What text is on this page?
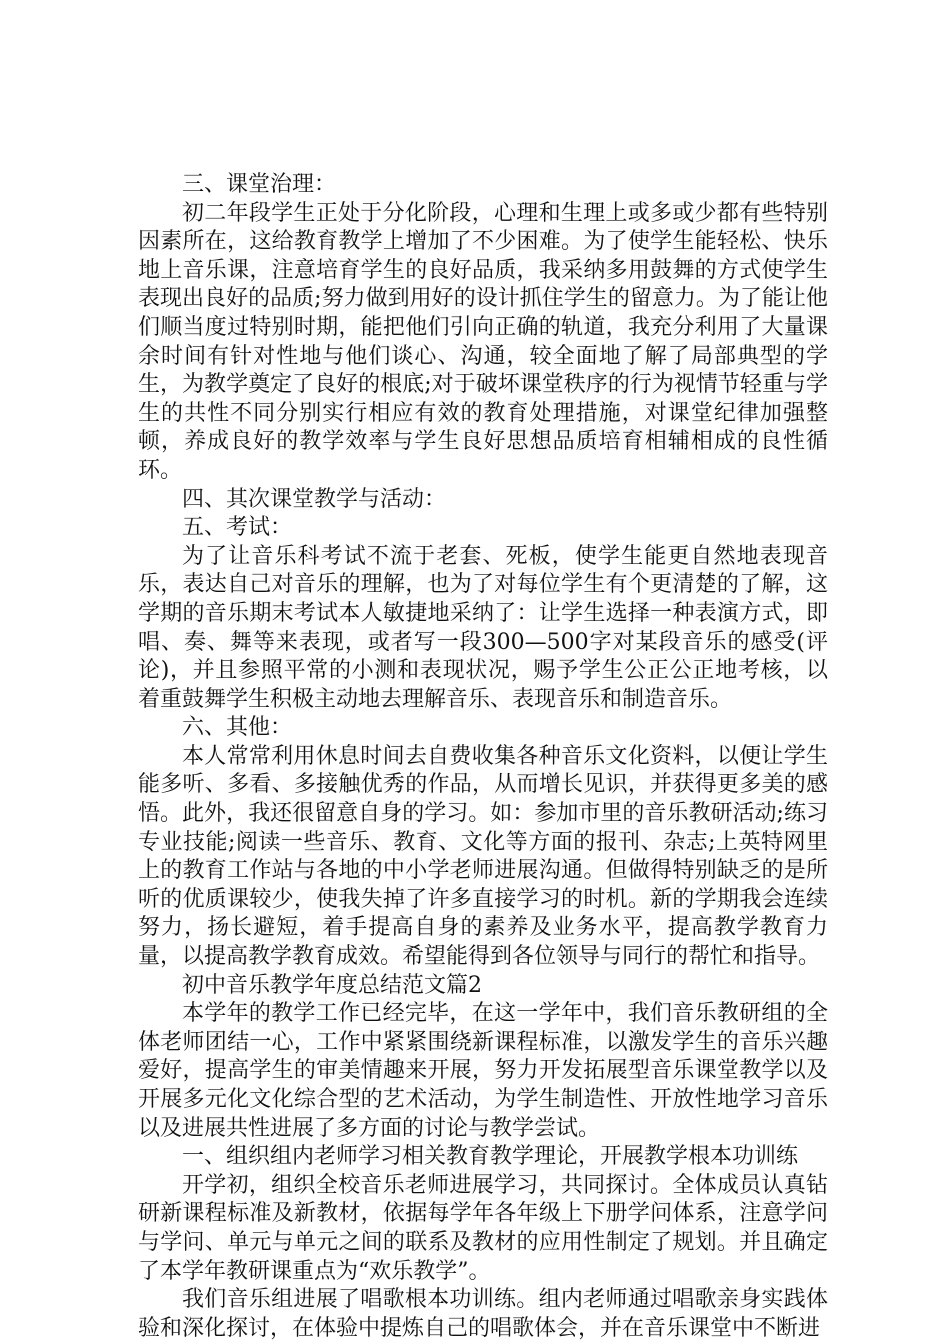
三、课堂治理：

初二年段学生正处于分化阶段，心理和生理上或多或少都有些特别因素所在，这给教育教学上增加了不少困难。为了使学生能轻松、快乐地上音乐课，注意培育学生的良好品质，我采纳多用鼓舞的方式使学生表现出良好的品质;努力做到用好的设计抓住学生的留意力。为了能让他们顺当度过特别时期，能把他们引向正确的轨道，我充分利用了大量课余时间有针对性地与他们谈心、沟通，较全面地了解了局部典型的学生，为教学奠定了良好的根底;对于破坏课堂秩序的行为视情节轻重与学生的共性不同分别实行相应有效的教育处理措施，对课堂纪律加强整顿，养成良好的教学效率与学生良好思想品质培育相辅相成的良性循环。

四、其次课堂教学与活动：

五、考试：

为了让音乐科考试不流于老套、死板，使学生能更自然地表现音乐，表达自己对音乐的理解，也为了对每位学生有个更清楚的了解，这学期的音乐期末考试本人敏捷地采纳了：让学生选择一种表演方式，即唱、奏、舞等来表现，或者写一段300—500字对某段音乐的感受(评论)，并且参照平常的小测和表现状况，赐予学生公正公正地考核，以着重鼓舞学生积极主动地去理解音乐、表现音乐和制造音乐。

六、其他：

本人常常利用休息时间去自费收集各种音乐文化资料，以便让学生能多听、多看、多接触优秀的作品，从而增长见识，并获得更多美的感悟。此外，我还很留意自身的学习。如：参加市里的音乐教研活动;练习专业技能;阅读一些音乐、教育、文化等方面的报刊、杂志;上英特网里上的教育工作站与各地的中小学老师进展沟通。但做得特别缺乏的是所听的优质课较少，使我失掉了许多直接学习的时机。新的学期我会连续努力，扬长避短，着手提高自身的素养及业务水平，提高教学教育力量，以提高教学教育成效。希望能得到各位领导与同行的帮忙和指导。

初中音乐教学年度总结范文篇2

本学年的教学工作已经完毕，在这一学年中，我们音乐教研组的全体老师团结一心，工作中紧紧围绕新课程标准，以激发学生的音乐兴趣爱好，提高学生的审美情趣来开展，努力开发拓展型音乐课堂教学以及开展多元化文化综合型的艺术活动，为学生制造性、开放性地学习音乐以及进展共性进展了多方面的讨论与教学尝试。

一、组织组内老师学习相关教育教学理论，开展教学根本功训练

开学初，组织全校音乐老师进展学习，共同探讨。全体成员认真钻研新课程标准及新教材，依据每学年各年级上下册学问体系，注意学问与学问、单元与单元之间的联系及教材的应用性制定了规划。并且确定了本学年教研课重点为“欢乐教学”。

我们音乐组进展了唱歌根本功训练。组内老师通过唱歌亲身实践体验和深化探讨，在体验中提炼自己的唱歌体会，并在音乐课堂中不断进
